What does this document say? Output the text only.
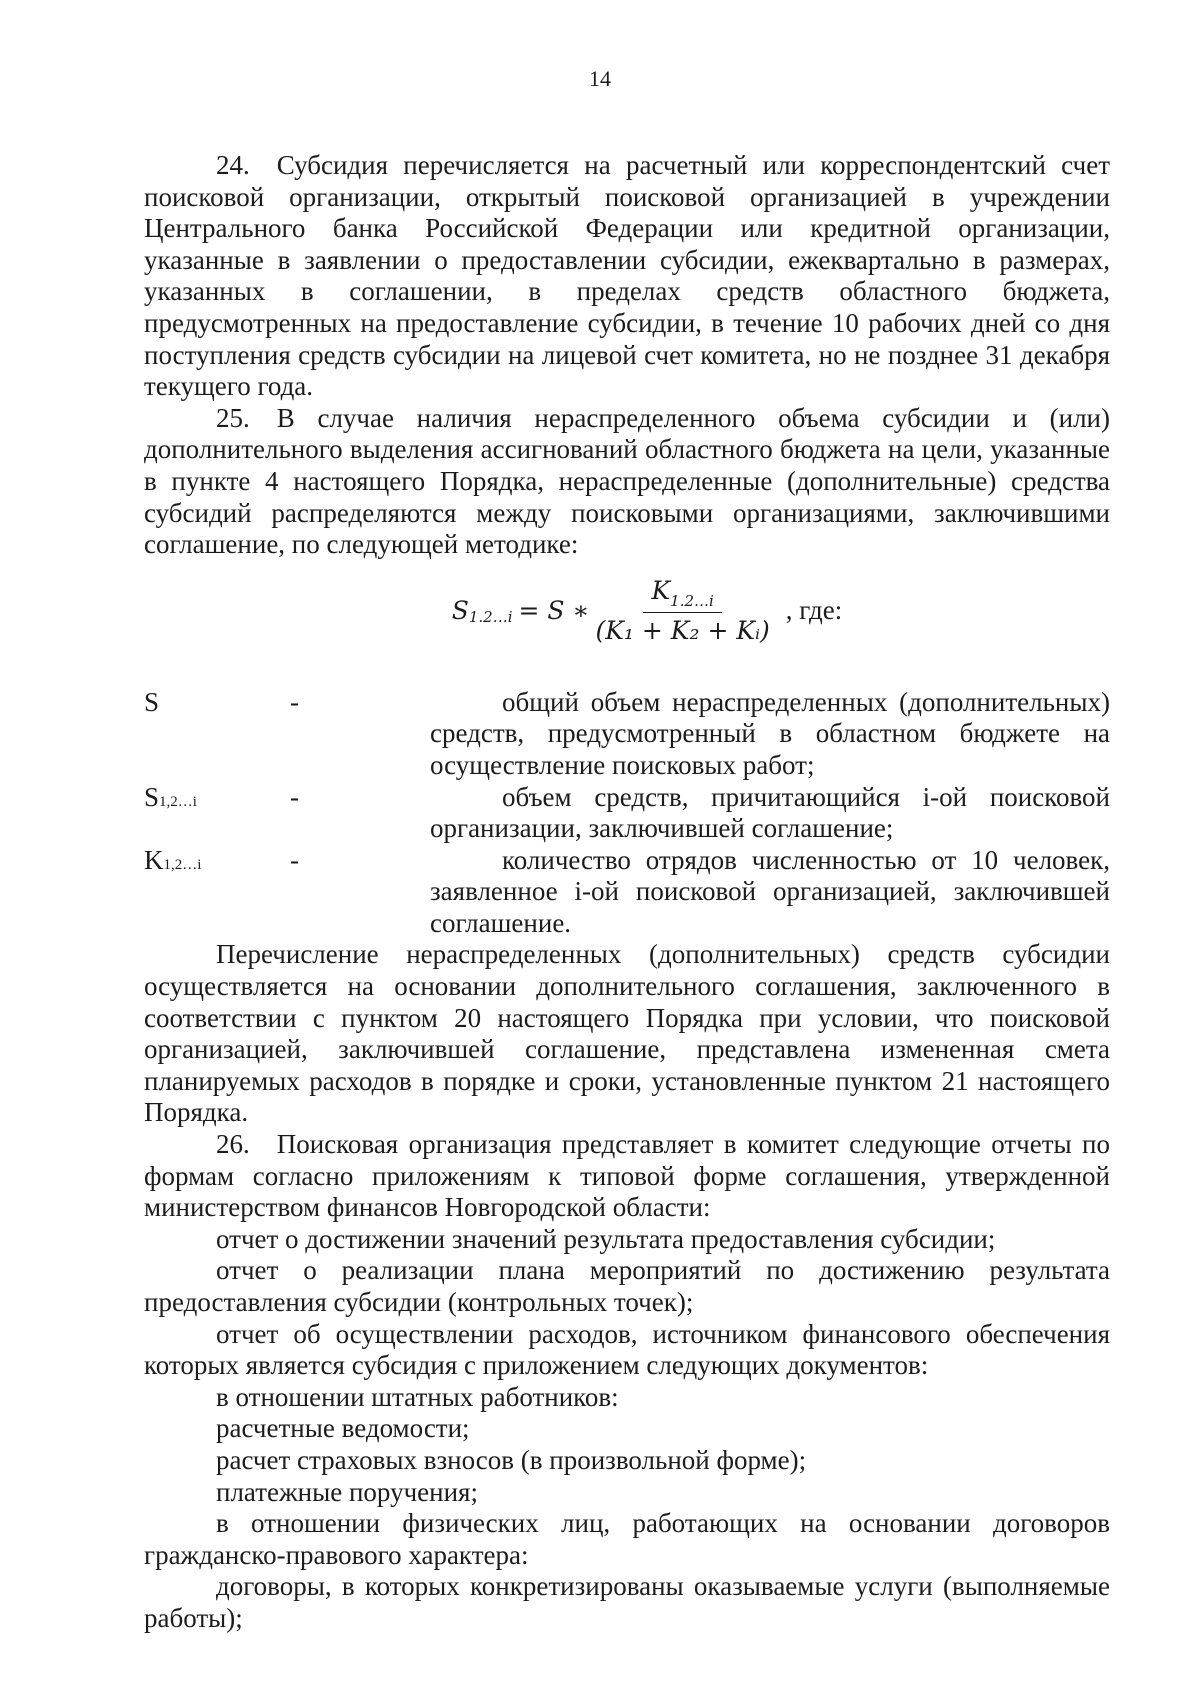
14

24. Субсидия перечисляется на расчетный или корреспондентский счет поисковой организации, открытый поисковой организацией в учреждении Центрального банка Российской Федерации или кредитной организации, указанные в заявлении о предоставлении субсидии, ежеквартально в размерах, указанных в соглашении, в пределах средств областного бюджета, предусмотренных на предоставление субсидии, в течение 10 рабочих дней со дня поступления средств субсидии на лицевой счет комитета, но не позднее 31 декабря текущего года.

25. В случае наличия нераспределенного объема субсидии и (или) дополнительного выделения ассигнований областного бюджета на цели, указанные в пункте 4 настоящего Порядка, нераспределенные (дополнительные) средства субсидий распределяются между поисковыми организациями, заключившими соглашение, по следующей методике:

S 1.2…i = S ∗ $\frac{K_{1.2\dots i}}{\text{(K₁ + K₂ + Kᵢ)}}$ , где:
S	-	общий объем нераспределенных (дополнительных) средств, предусмотренный в областном бюджете на осуществление поисковых работ;
S1,2…i	-	объем средств, причитающийся i-ой поисковой организации, заключившей соглашение;
K1,2…i	-	количество отрядов численностью от 10 человек, заявленное i-ой поисковой организацией, заключившей соглашение.

Перечисление нераспределенных (дополнительных) средств субсидии осуществляется на основании дополнительного соглашения, заключенного в соответствии с пунктом 20 настоящего Порядка при условии, что поисковой организацией, заключившей соглашение, представлена измененная смета планируемых расходов в порядке и сроки, установленные пунктом 21 настоящего Порядка.

26. Поисковая организация представляет в комитет следующие отчеты по формам согласно приложениям к типовой форме соглашения, утвержденной министерством финансов Новгородской области:

отчет о достижении значений результата предоставления субсидии;

отчет о реализации плана мероприятий по достижению результата предоставления субсидии (контрольных точек);

отчет об осуществлении расходов, источником финансового обеспечения которых является субсидия с приложением следующих документов:

в отношении штатных работников:

расчетные ведомости;

расчет страховых взносов (в произвольной форме);

платежные поручения;

в отношении физических лиц, работающих на основании договоров гражданско-правового характера:

договоры, в которых конкретизированы оказываемые услуги (выполняемые работы);
